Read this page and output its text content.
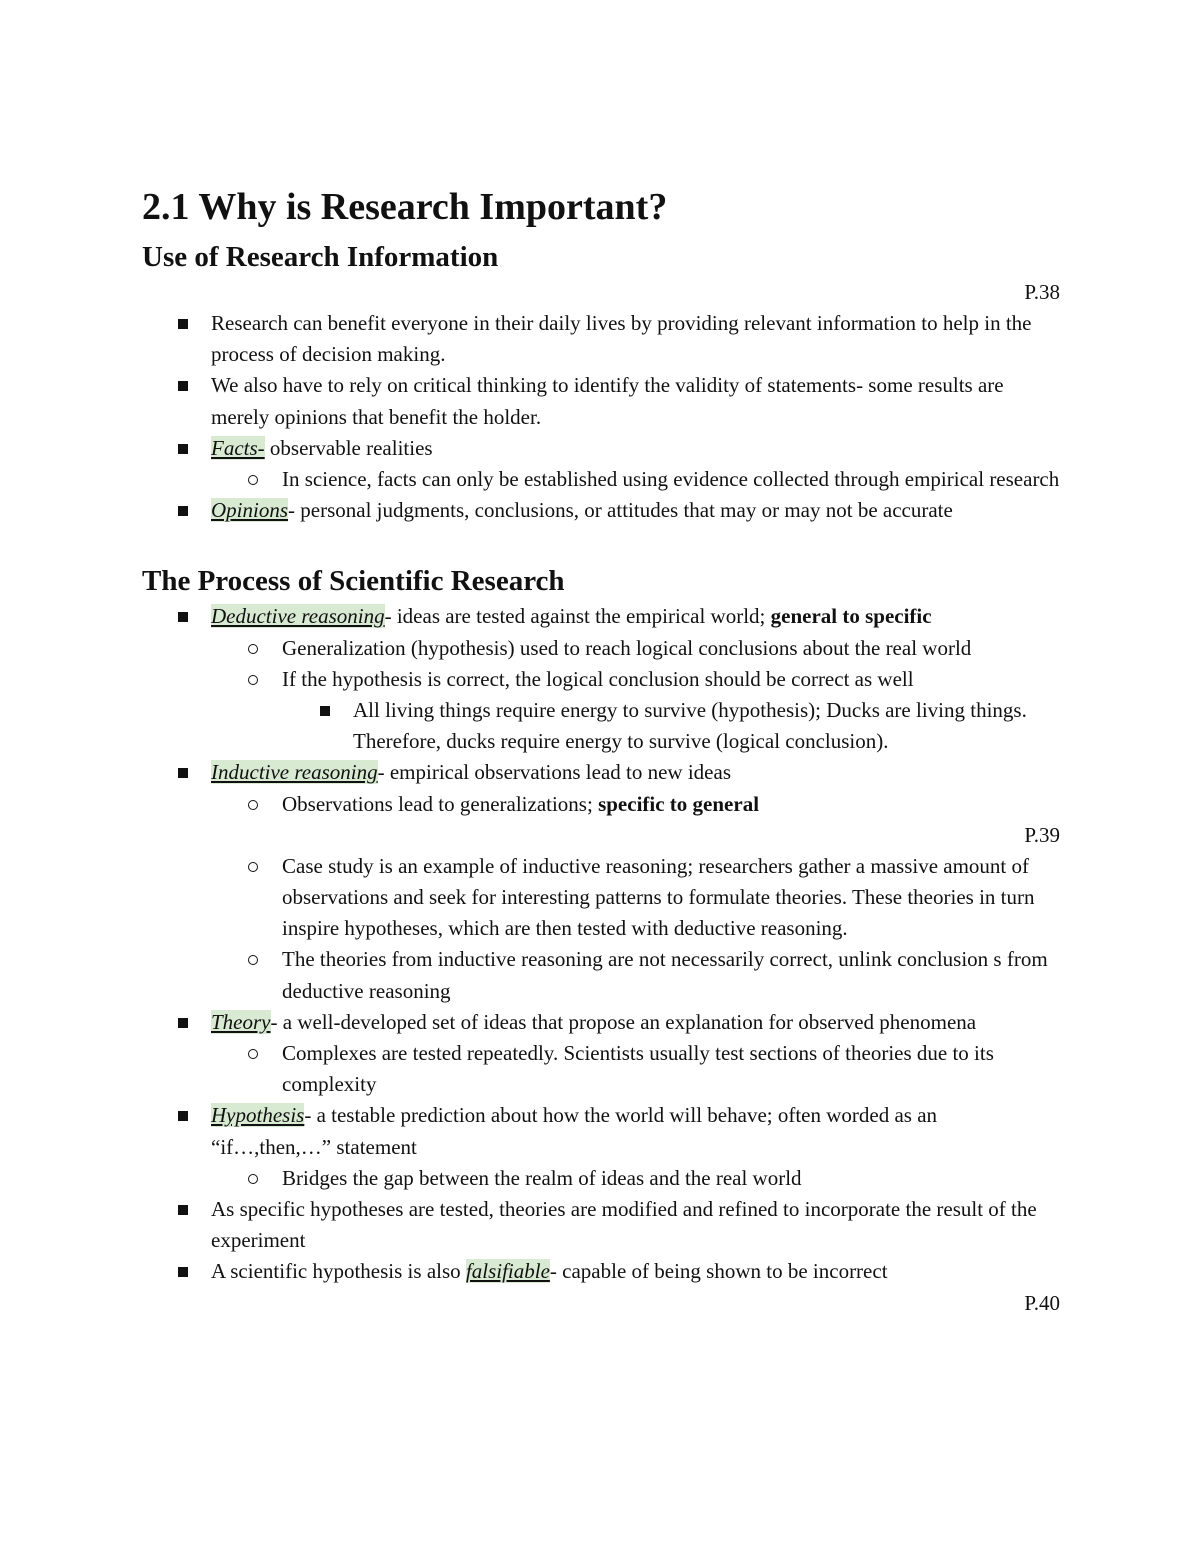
2.1 Why is Research Important?
Use of Research Information
P.38
Research can benefit everyone in their daily lives by providing relevant information to help in the process of decision making.
We also have to rely on critical thinking to identify the validity of statements- some results are merely opinions that benefit the holder.
Facts- observable realities
In science, facts can only be established using evidence collected through empirical research
Opinions- personal judgments, conclusions, or attitudes that may or may not be accurate
The Process of Scientific Research
Deductive reasoning- ideas are tested against the empirical world; general to specific
Generalization (hypothesis) used to reach logical conclusions about the real world
If the hypothesis is correct, the logical conclusion should be correct as well
All living things require energy to survive (hypothesis); Ducks are living things. Therefore, ducks require energy to survive (logical conclusion).
Inductive reasoning- empirical observations lead to new ideas
Observations lead to generalizations; specific to general
P.39
Case study is an example of inductive reasoning; researchers gather a massive amount of observations and seek for interesting patterns to formulate theories. These theories in turn inspire hypotheses, which are then tested with deductive reasoning.
The theories from inductive reasoning are not necessarily correct, unlink conclusion s from deductive reasoning
Theory- a well-developed set of ideas that propose an explanation for observed phenomena
Complexes are tested repeatedly. Scientists usually test sections of theories due to its complexity
Hypothesis- a testable prediction about how the world will behave; often worded as an “if…,then,…” statement
Bridges the gap between the realm of ideas and the real world
As specific hypotheses are tested, theories are modified and refined to incorporate the result of the experiment
A scientific hypothesis is also falsifiable- capable of being shown to be incorrect
P.40
